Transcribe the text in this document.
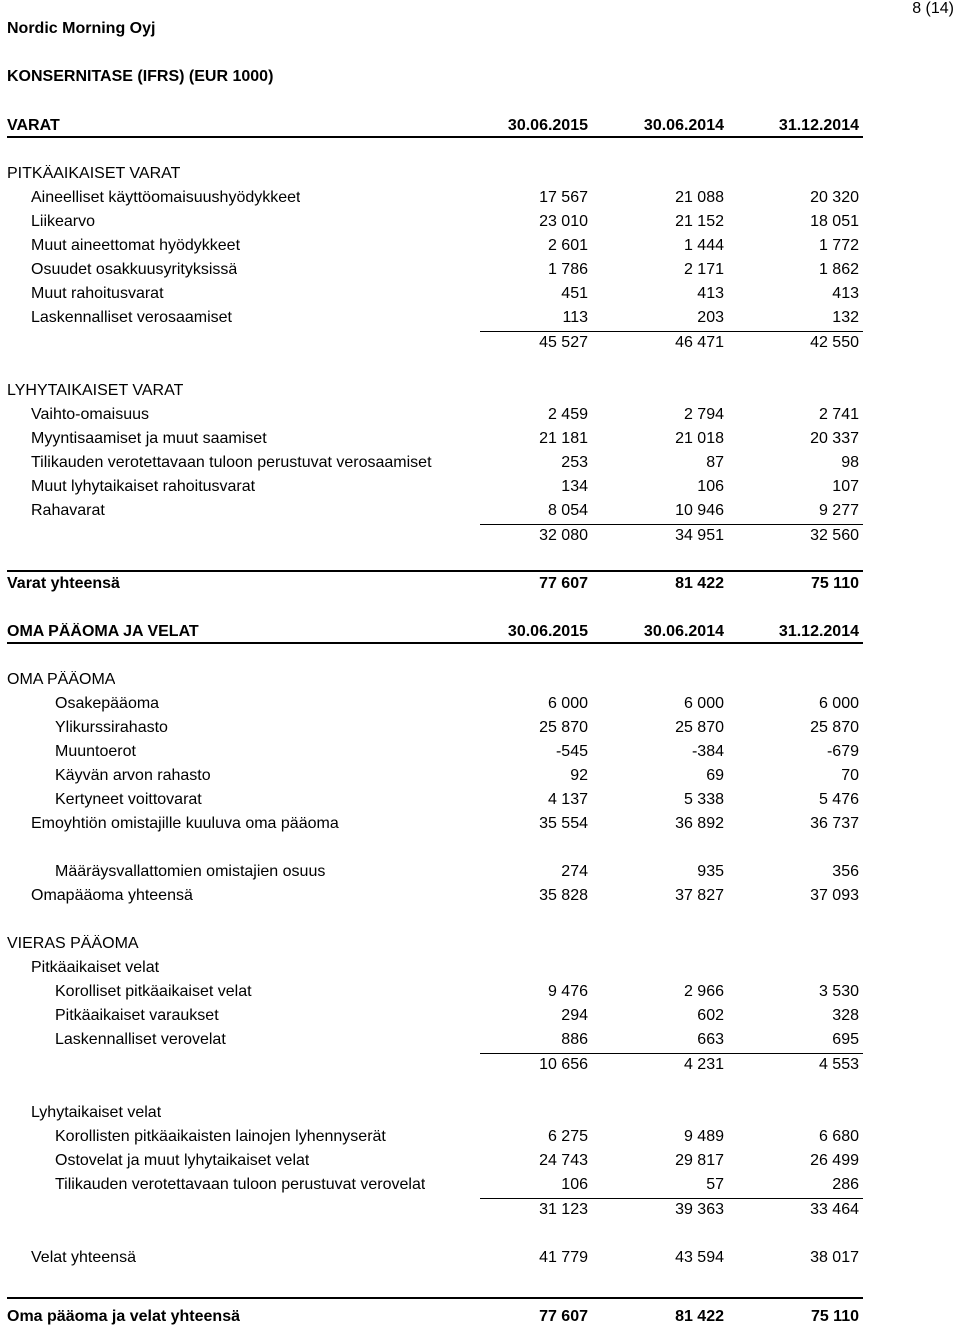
Nordic Morning Oyj
8 (14)
KONSERNITASE (IFRS) (EUR 1000)
VARAT	30.06.2015	30.06.2014	31.12.2014
PITKÄAIKAISET VARAT
Aineelliset käyttöomaisuushyödykkeet	17 567	21 088	20 320
Liikearvo	23 010	21 152	18 051
Muut aineettomat hyödykkeet	2 601	1 444	1 772
Osuudet osakkuusyrityksissä	1 786	2 171	1 862
Muut rahoitusvarat	451	413	413
Laskennalliset verosaamiset	113	203	132
45 527	46 471	42 550
LYHYTAIKAISET VARAT
Vaihto-omaisuus	2 459	2 794	2 741
Myyntisaamiset ja muut saamiset	21 181	21 018	20 337
Tilikauden verotettavaan tuloon perustuvat verosaamiset	253	87	98
Muut lyhytaikaiset rahoitusvarat	134	106	107
Rahavarat	8 054	10 946	9 277
32 080	34 951	32 560
Varat yhteensä	77 607	81 422	75 110
OMA PÄÄOMA JA VELAT	30.06.2015	30.06.2014	31.12.2014
OMA PÄÄOMA
Osakepääoma	6 000	6 000	6 000
Ylikurssirahasto	25 870	25 870	25 870
Muuntoerot	-545	-384	-679
Käyvän arvon rahasto	92	69	70
Kertyneet voittovarat	4 137	5 338	5 476
Emoyhtiön omistajille kuuluva oma pääoma	35 554	36 892	36 737
Määräysvallattomien omistajien osuus	274	935	356
Omapääoma yhteensä	35 828	37 827	37 093
VIERAS PÄÄOMA
Pitkäaikaiset velat
Korolliset pitkäaikaiset velat	9 476	2 966	3 530
Pitkäaikaiset varaukset	294	602	328
Laskennalliset verovelat	886	663	695
10 656	4 231	4 553
Lyhytaikaiset velat
Korollisten pitkäaikaisten lainojen lyhennyserät	6 275	9 489	6 680
Ostovelat ja muut lyhytaikaiset velat	24 743	29 817	26 499
Tilikauden verotettavaan tuloon perustuvat verovelat	106	57	286
31 123	39 363	33 464
Velat yhteensä	41 779	43 594	38 017
Oma pääoma ja velat yhteensä	77 607	81 422	75 110
